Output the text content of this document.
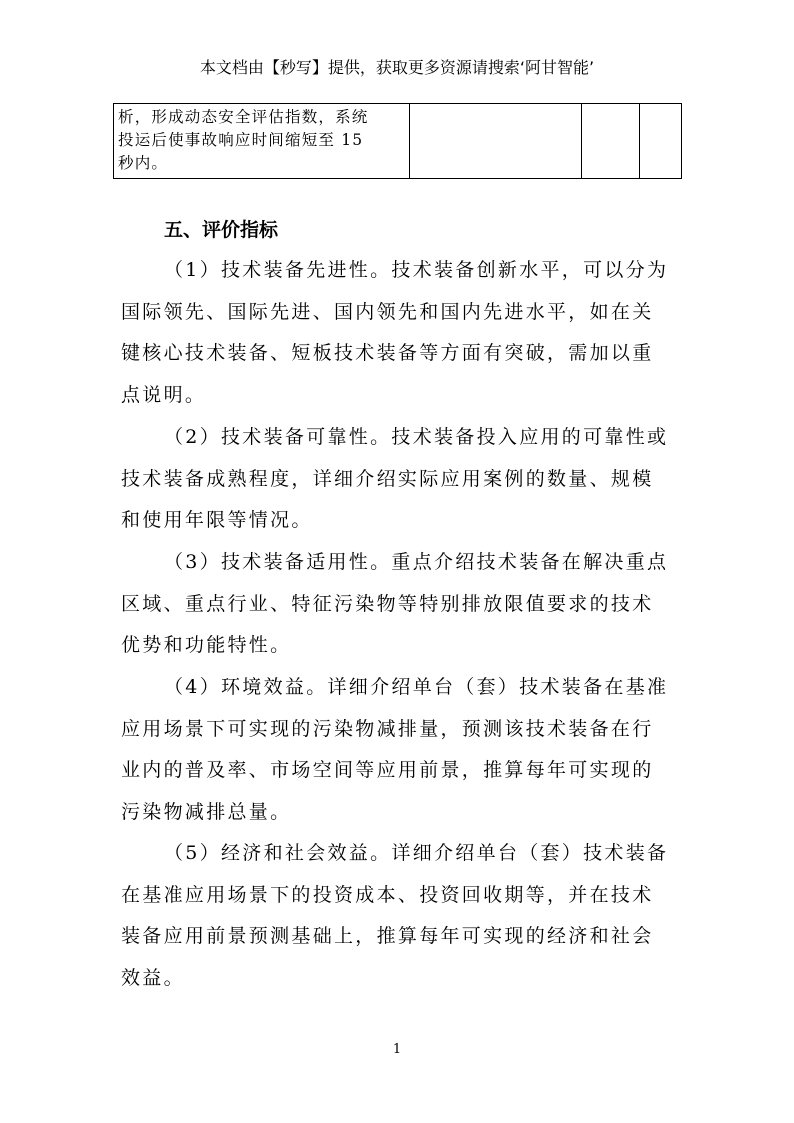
本文档由【秒写】提供，获取更多资源请搜索‘阿甘智能’
析，形成动态安全评估指数，系统
投运后使事故响应时间缩短至 15
秒内。

五、评价指标
（1）技术装备先进性。技术装备创新水平，可以分为
国际领先、国际先进、国内领先和国内先进水平，如在关
键核心技术装备、短板技术装备等方面有突破，需加以重
点说明。
（2）技术装备可靠性。技术装备投入应用的可靠性或
技术装备成熟程度，详细介绍实际应用案例的数量、规模
和使用年限等情况。
（3）技术装备适用性。重点介绍技术装备在解决重点
区域、重点行业、特征污染物等特别排放限值要求的技术
优势和功能特性。
（4）环境效益。详细介绍单台（套）技术装备在基准
应用场景下可实现的污染物减排量，预测该技术装备在行
业内的普及率、市场空间等应用前景，推算每年可实现的
污染物减排总量。
（5）经济和社会效益。详细介绍单台（套）技术装备
在基准应用场景下的投资成本、投资回收期等，并在技术
装备应用前景预测基础上，推算每年可实现的经济和社会
效益。
1
